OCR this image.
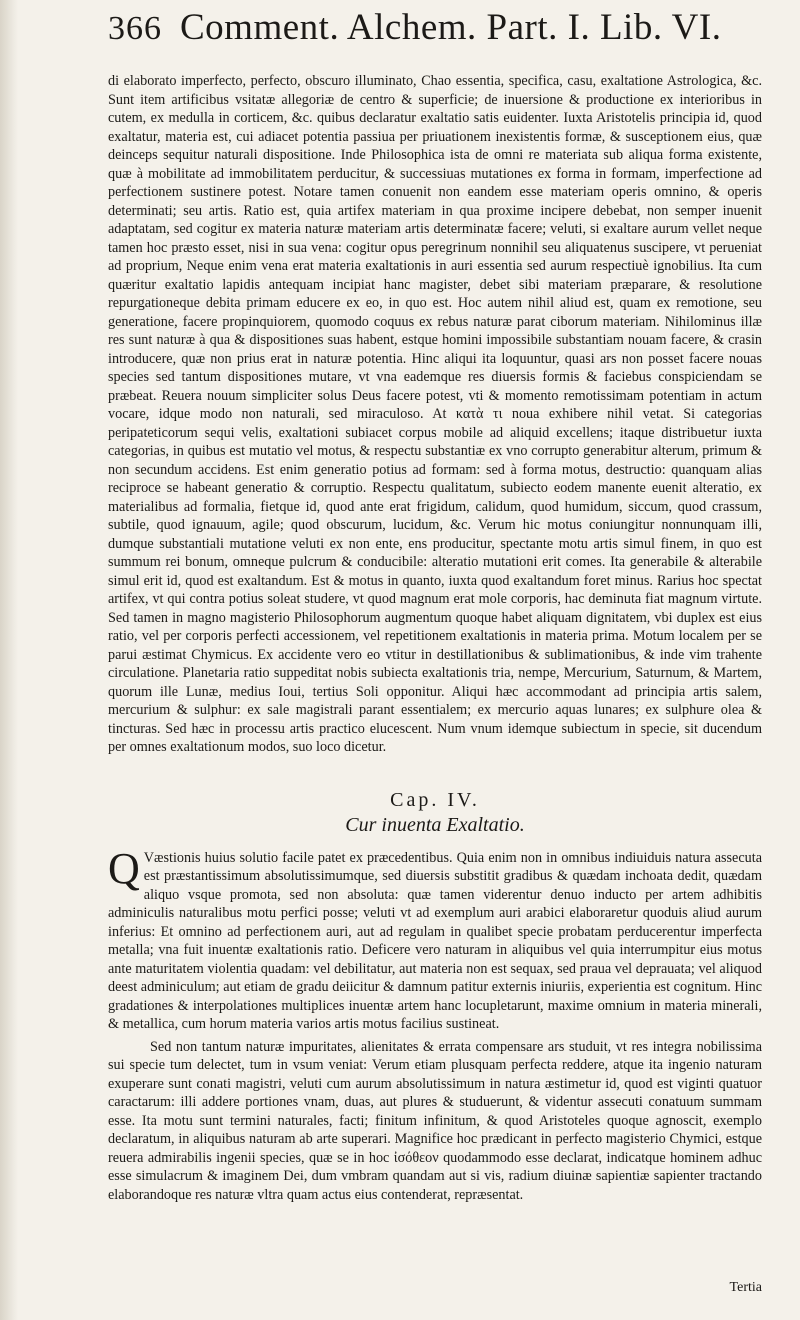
366 Comment. Alchem. Part. I. Lib. VI.

di elaborato imperfecto, perfecto, obscuro illuminato, Chao essentia, specifica, casu, exaltatione Astrologica, &c. Sunt item artificibus vsitatæ allegoriæ de centro & superficie; de inuersione & productione ex interioribus in cutem, ex medulla in corticem, &c. quibus declaratur exaltatio satis euidenter. Iuxta Aristotelis principia id, quod exaltatur, materia est, cui adiacet potentia passiua per priuationem inexistentis formæ, & susceptionem eius, quæ deinceps sequitur naturali dispositione. Inde Philosophica ista de omni re materiata sub aliqua forma existente, quæ à mobilitate ad immobilitatem perducitur, & successiuas mutationes ex forma in formam, imperfectione ad perfectionem sustinere potest. Notare tamen conuenit non eandem esse materiam operis omnino, & operis determinati; seu artis. Ratio est, quia artifex materiam in qua proxime incipere debebat, non semper inuenit adaptatam, sed cogitur ex materia naturæ materiam artis determinatæ facere; veluti, si exaltare aurum vellet neque tamen hoc præsto esset, nisi in sua vena: cogitur opus peregrinum nonnihil seu aliquatenus suscipere, vt perueniat ad proprium, Neque enim vena erat materia exaltationis in auri essentia sed aurum respectiuè ignobilius. Ita cum quæritur exaltatio lapidis antequam incipiat hanc magister, debet sibi materiam præparare, & resolutione repurgationeque debita primam educere ex eo, in quo est. Hoc autem nihil aliud est, quam ex remotione, seu generatione, facere propinquiorem, quomodo coquus ex rebus naturæ parat ciborum materiam. Nihilominus illæ res sunt naturæ à qua & dispositiones suas habent, estque homini impossibile substantiam nouam facere, & crasin introducere, quæ non prius erat in naturæ potentia. Hinc aliqui ita loquuntur, quasi ars non posset facere nouas species sed tantum dispositiones mutare, vt vna eademque res diuersis formis & faciebus conspiciendam se præbeat. Reuera nouum simpliciter solus Deus facere potest, vti & momento remotissimam potentiam in actum vocare, idque modo non naturali, sed miraculoso. At κατὰ τι noua exhibere nihil vetat. Si categorias peripateticorum sequi velis, exaltationi subiacet corpus mobile ad aliquid excellens; itaque distribuetur iuxta categorias, in quibus est mutatio vel motus, & respectu substantiæ ex vno corrupto generabitur alterum, primum & non secundum accidens. Est enim generatio potius ad formam: sed à forma motus, destructio: quanquam alias reciproce se habeant generatio & corruptio. Respectu qualitatum, subiecto eodem manente euenit alteratio, ex materialibus ad formalia, fietque id, quod ante erat frigidum, calidum, quod humidum, siccum, quod crassum, subtile, quod ignauum, agile; quod obscurum, lucidum, &c. Verum hic motus coniungitur nonnunquam illi, dumque substantiali mutatione veluti ex non ente, ens producitur, spectante motu artis simul finem, in quo est summum rei bonum, omneque pulcrum & conducibile: alteratio mutationi erit comes. Ita generabile & alterabile simul erit id, quod est exaltandum. Est & motus in quanto, iuxta quod exaltandum foret minus. Rarius hoc spectat artifex, vt qui contra potius soleat studere, vt quod magnum erat mole corporis, hac deminuta fiat magnum virtute. Sed tamen in magno magisterio Philosophorum augmentum quoque habet aliquam dignitatem, vbi duplex est eius ratio, vel per corporis perfecti accessionem, vel repetitionem exaltationis in materia prima. Motum localem per se parui æstimat Chymicus. Ex accidente vero eo vtitur in destillationibus & sublimationibus, & inde vim trahente circulatione. Planetaria ratio suppeditat nobis subiecta exaltationis tria, nempe, Mercurium, Saturnum, & Martem, quorum ille Lunæ, medius Ioui, tertius Soli opponitur. Aliqui hæc accommodant ad principia artis salem, mercurium & sulphur: ex sale magistrali parant essentialem; ex mercurio aquas lunares; ex sulphure olea & tincturas. Sed hæc in processu artis practico elucescent. Num vnum idemque subiectum in specie, sit ducendum per omnes exaltationum modos, suo loco dicetur.

Cap. IV.
Cur inuenta Exaltatio.

QVæstionis huius solutio facile patet ex præcedentibus. Quia enim non in omnibus indiuiduis natura assecuta est præstantissimum absolutissimumque, sed diuersis substitit gradibus & quædam inchoata dedit, quædam aliquo vsque promota, sed non absoluta: quæ tamen viderentur denuo inducto per artem adhibitis adminiculis naturalibus motu perfici posse; veluti vt ad exemplum auri arabici elaboraretur quoduis aliud aurum inferius: Et omnino ad perfectionem auri, aut ad regulam in qualibet specie probatam perducerentur imperfecta metalla; vna fuit inuentæ exaltationis ratio. Deficere vero naturam in aliquibus vel quia interrumpitur eius motus ante maturitatem violentia quadam: vel debilitatur, aut materia non est sequax, sed praua vel deprauata; vel aliquod deest adminiculum; aut etiam de gradu deiicitur & damnum patitur externis iniuriis, experientia est cognitum. Hinc gradationes & interpolationes multiplices inuentæ artem hanc locupletarunt, maxime omnium in materia minerali, & metallica, cum horum materia varios artis motus facilius sustineat.

Sed non tantum naturæ impuritates, alienitates & errata compensare ars studuit, vt res integra nobilissima sui specie tum delectet, tum in vsum veniat: Verum etiam plusquam perfecta reddere, atque ita ingenio naturam exuperare sunt conati magistri, veluti cum aurum absolutissimum in natura æstimetur id, quod est viginti quatuor caractarum: illi addere portiones vnam, duas, aut plures & studuerunt, & videntur assecuti conatuum summam esse. Ita motu sunt termini naturales, facti; finitum infinitum, & quod Aristoteles quoque agnoscit, exemplo declaratum, in aliquibus naturam ab arte superari. Magnifice hoc prædicant in perfecto magisterio Chymici, estque reuera admirabilis ingenii species, quæ se in hoc ἰσόθεον quodammodo esse declarat, indicatque hominem adhuc esse simulacrum & imaginem Dei, dum vmbram quandam aut si vis, radium diuinæ sapientiæ sapienter tractando elaborandoque res naturæ vltra quam actus eius contenderat, repræsentat.

Tertia
